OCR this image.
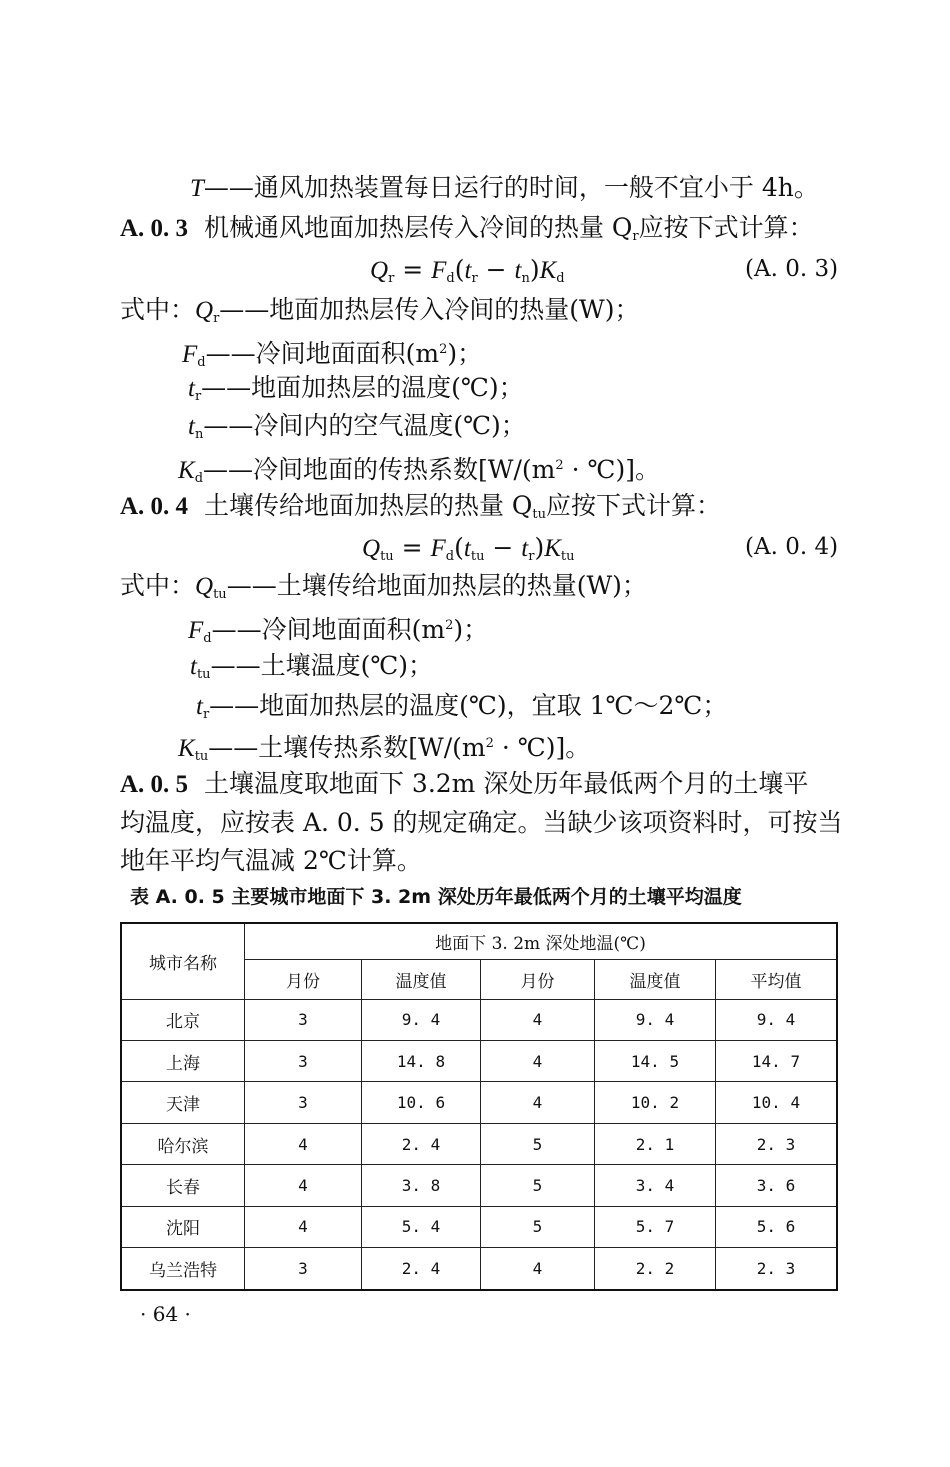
T——通风加热装置每日运行的时间，一般不宜小于 4h。
A. 0. 3 机械通风地面加热层传入冷间的热量 $Q_r$应按下式计算：
$Q_r = F_d(t_r - t_n)K_d$	(A. 0. 3)
式中：$Q_r——$地面加热层传入冷间的热量(W)；
$F_d——$冷间地面面积$(m^2)$；
$t_r——$地面加热层的温度(℃)；
$t_n——$冷间内的空气温度(℃)；
$K_d——$冷间地面的传热系数[$W/(m^2$ · ℃)]。
A. 0. 4 土壤传给地面加热层的热量 $Q_{tu}$应按下式计算：
$Q_{tu} = F_d(t_{tu} - t_r)K_{tu}$	(A. 0. 4)
式中：$Q_{tu}——$土壤传给地面加热层的热量(W)；
$F_d——$冷间地面面积$(m^2)$；
$t_{tu}——$土壤温度(℃)；
$t_r——$地面加热层的温度(℃)，宜取 1℃～2℃；
$K_{tu}——$土壤传热系数[$W/(m^2$ · ℃)]。
A. 0. 5 土壤温度取地面下 3.2m 深处历年最低两个月的土壤平
均温度，应按表 A. 0. 5 的规定确定。当缺少该项资料时，可按当
地年平均气温减 2℃计算。
表 A. 0. 5 主要城市地面下 3. 2m 深处历年最低两个月的土壤平均温度
城市名称	地面下 3. 2m 深处地温(℃)				
	月份	温度值	月份	温度值	平均值
北京	3	9. 4	4	9. 4	9. 4
上海	3	14. 8	4	14. 5	14. 7
天津	3	10. 6	4	10. 2	10. 4
哈尔滨	4	2. 4	5	2. 1	2. 3
长春	4	3. 8	5	3. 4	3. 6
沈阳	4	5. 4	5	5. 7	5. 6
乌兰浩特	3	2. 4	4	2. 2	2. 3
· 64 ·
